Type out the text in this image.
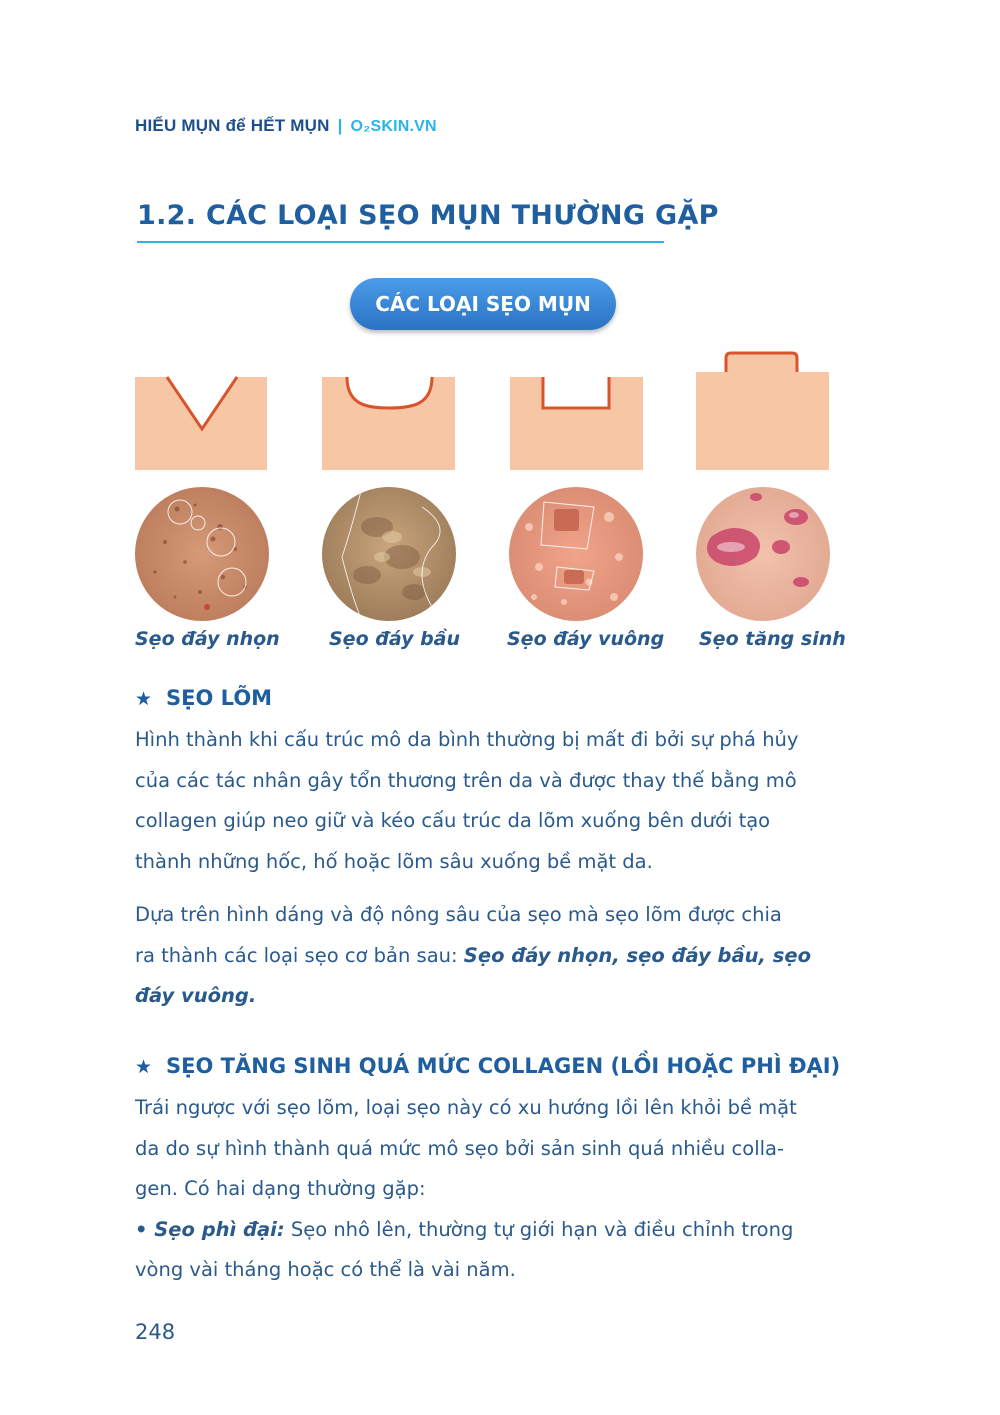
HIỂU MỤN để HẾT MỤN | O₂SKIN.VN
1.2. CÁC LOẠI SẸO MỤN THƯỜNG GẶP
CÁC LOẠI SẸO MỤN
Sẹo đáy nhọn	Sẹo đáy bầu Sẹo đáy vuông Sẹo tăng sinh
★ SẸO LÕM
Hình thành khi cấu trúc mô da bình thường bị mất đi bởi sự phá hủy
của các tác nhân gây tổn thương trên da và được thay thế bằng mô
collagen giúp neo giữ và kéo cấu trúc da lõm xuống bên dưới tạo
thành những hốc, hố hoặc lõm sâu xuống bề mặt da.
Dựa trên hình dáng và độ nông sâu của sẹo mà sẹo lõm được chia
ra thành các loại sẹo cơ bản sau: Sẹo đáy nhọn, sẹo đáy bầu, sẹo
đáy vuông.
★ SẸO TĂNG SINH QUÁ MỨC COLLAGEN (LỒI HOẶC PHÌ ĐẠI)
Trái ngược với sẹo lõm, loại sẹo này có xu hướng lồi lên khỏi bề mặt
da do sự hình thành quá mức mô sẹo bởi sản sinh quá nhiều colla-
gen. Có hai dạng thường gặp:
• Sẹo phì đại: Sẹo nhô lên, thường tự giới hạn và điều chỉnh trong
vòng vài tháng hoặc có thể là vài năm.
248
